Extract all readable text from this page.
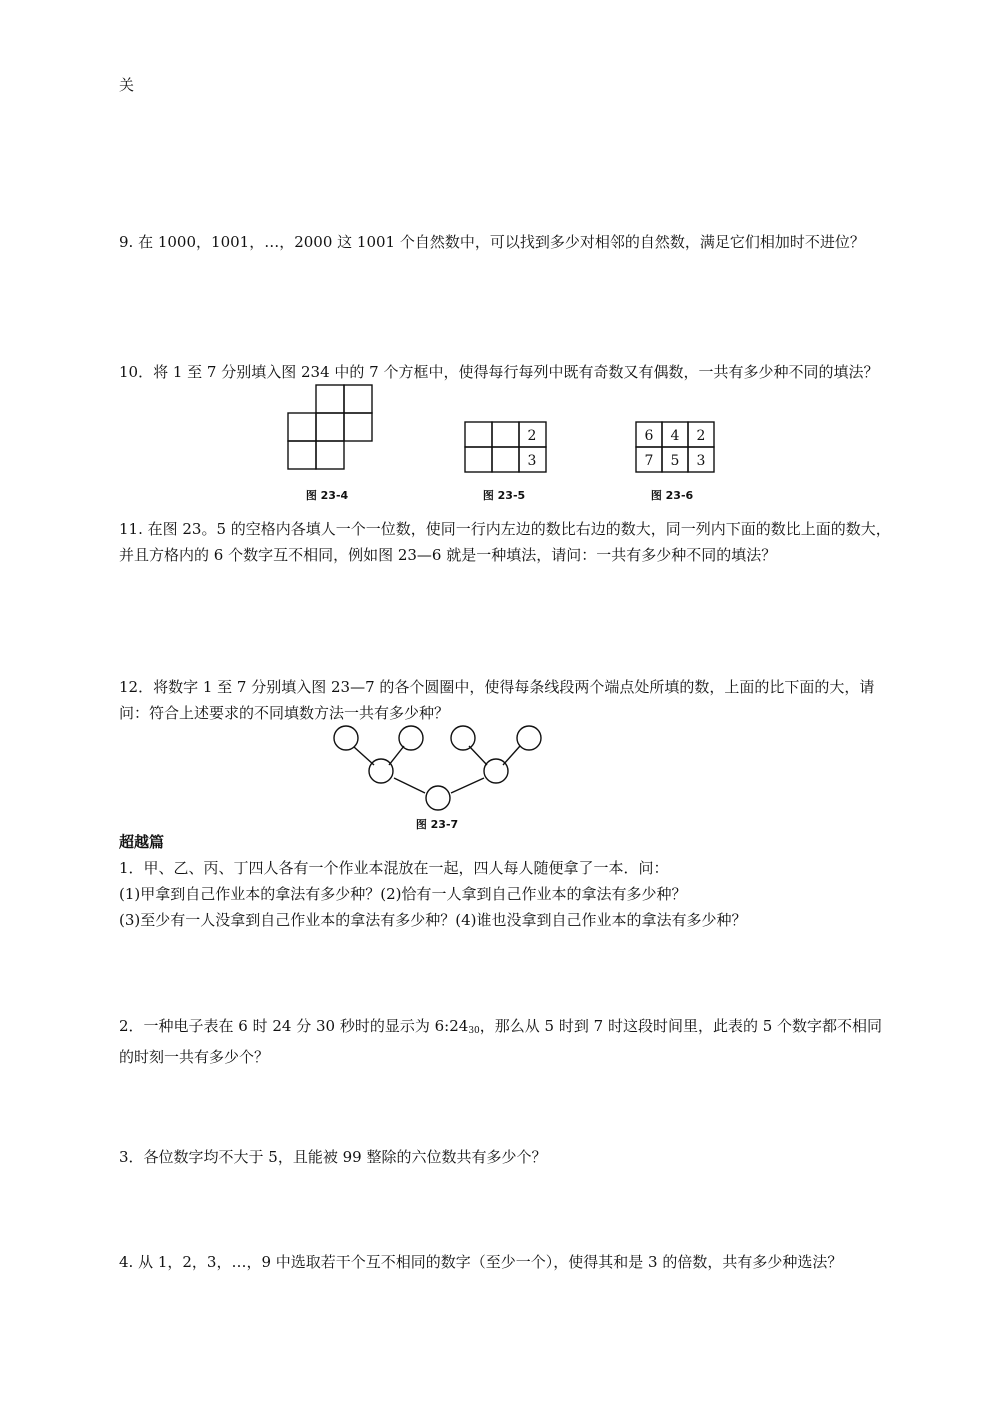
关

9. 在 1000，1001，…，2000 这 1001 个自然数中，可以找到多少对相邻的自然数，满足它们相加时不进位？

10．将 1 至 7 分别填入图 234 中的 7 个方框中，使得每行每列中既有奇数又有偶数，一共有多少种不同的填法？

2
3
6 4 2
7 5 3
图 23-4	图 23-5	图 23-6

11. 在图 23。5 的空格内各填人一个一位数，使同一行内左边的数比右边的数大，同一列内下面的数比上面的数大，并且方格内的 6 个数字互不相同，例如图 23—6 就是一种填法，请问：一共有多少种不同的填法？

12．将数字 1 至 7 分别填入图 23—7 的各个圆圈中，使得每条线段两个端点处所填的数，上面的比下面的大，请问：符合上述要求的不同填数方法一共有多少种？

图 23-7

超越篇

1．甲、乙、丙、丁四人各有一个作业本混放在一起，四人每人随便拿了一本．问：

(1)甲拿到自己作业本的拿法有多少种？(2)恰有一人拿到自己作业本的拿法有多少种？

(3)至少有一人没拿到自己作业本的拿法有多少种？(4)谁也没拿到自己作业本的拿法有多少种？

2．一种电子表在 6 时 24 分 30 秒时的显示为 $6:24_{30}$，那么从 5 时到 7 时这段时间里，此表的 5 个数字都不相同的时刻一共有多少个？

3．各位数字均不大于 5，且能被 99 整除的六位数共有多少个？

4. 从 1，2，3，…，9 中选取若干个互不相同的数字（至少一个），使得其和是 3 的倍数，共有多少种选法？
